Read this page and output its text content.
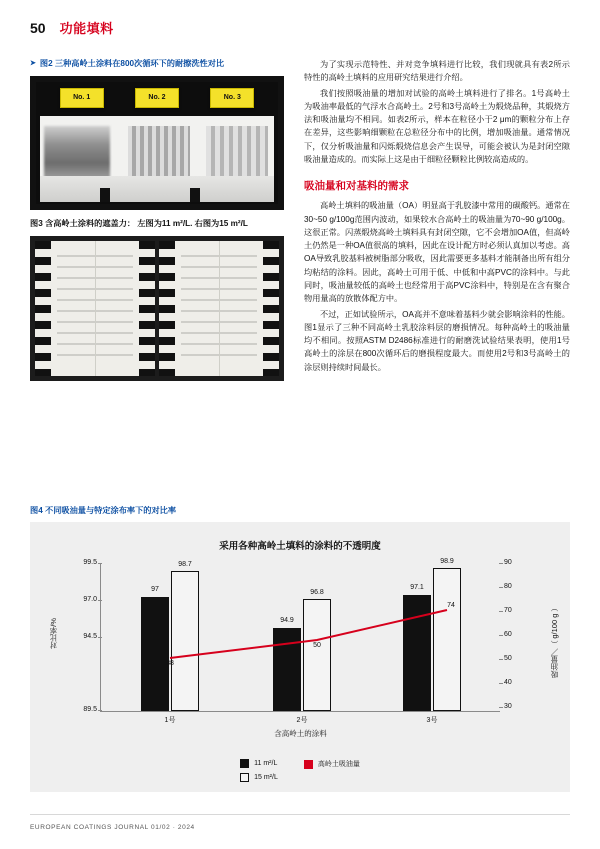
50 功能填料
➤ 图2 三种高岭土涂料在800次循环下的耐擦洗性对比
No. 1	No. 2	No. 3
图3 含高岭土涂料的遮盖力： 左图为11 m²/L. 右图为15 m²/L

为了实现示范特性、并对竞争填料进行比较，我们现就具有表2所示特性的高岭土填料的应用研究结果进行介绍。

我们按照吸油量的增加对试验的高岭土填料进行了排名。1号高岭土为吸油率最低的气浮水合高岭土。2号和3号高岭土为煅烧品种，其煅烧方法和吸油量均不相同。如表2所示，样本在粒径小于2 μm的颗粒分布上存在差异，这些影响细颗粒在总粒径分布中的比例，增加吸油量。通常情况下，仅分析吸油量和闪烁煅烧信息会产生误导，可能会被认为是封闭空隙吸油量造成的。而实际上这是由于细粒径颗粒比例较高造成的。

吸油量和对基料的需求

高岭土填料的吸油量（OA）明显高于乳胶漆中常用的碳酸钙。通常在30~50 g/100g范围内波动，如果较水合高岭土的吸油量为70~90 g/100g。这很正常。闪蒸煅烧高岭土填料具有封闭空隙，它不会增加OA值，但高岭土仍然是一种OA值很高的填料，因此在设计配方时必须认真加以考虑。高OA导致乳胶基料被树脂部分吸收，因此需要更多基料才能制备出所有组分均粘结的涂料。因此，高岭土可用于低、中低和中高PVC的涂料中。与此同时，吸油量较低的高岭土也经常用于高PVC涂料中，特别是在含有聚合物用量高的放散体配方中。

不过，正如试验所示，OA高并不意味着基料少就会影响涂料的性能。图1显示了三种不同高岭土乳胶涂料层的磨损情况。每种高岭土的吸油量均不相同。按照ASTM D2486标准进行的耐磨洗试验结果表明，使用1号高岭土的涂层在800次循环后的磨损程度最大。而使用2号和3号高岭土的涂层则持续时间最长。

图4 不同吸油量与特定涂布率下的对比率
采用各种高岭土填料的涂料的不透明度
对比率/%	吸油量／（ g/100 g ）
99.5
97.0
94.5
89.5
90
80
70
60
50
40
30
97
98.7
1号
94.9
96.8
2号
97.1
98.9
3号
38
50
74
含高岭土的涂料
11 m²/L
15 m²/L
高岭土吸油量
EUROPEAN COATINGS JOURNAL 01/02 · 2024
